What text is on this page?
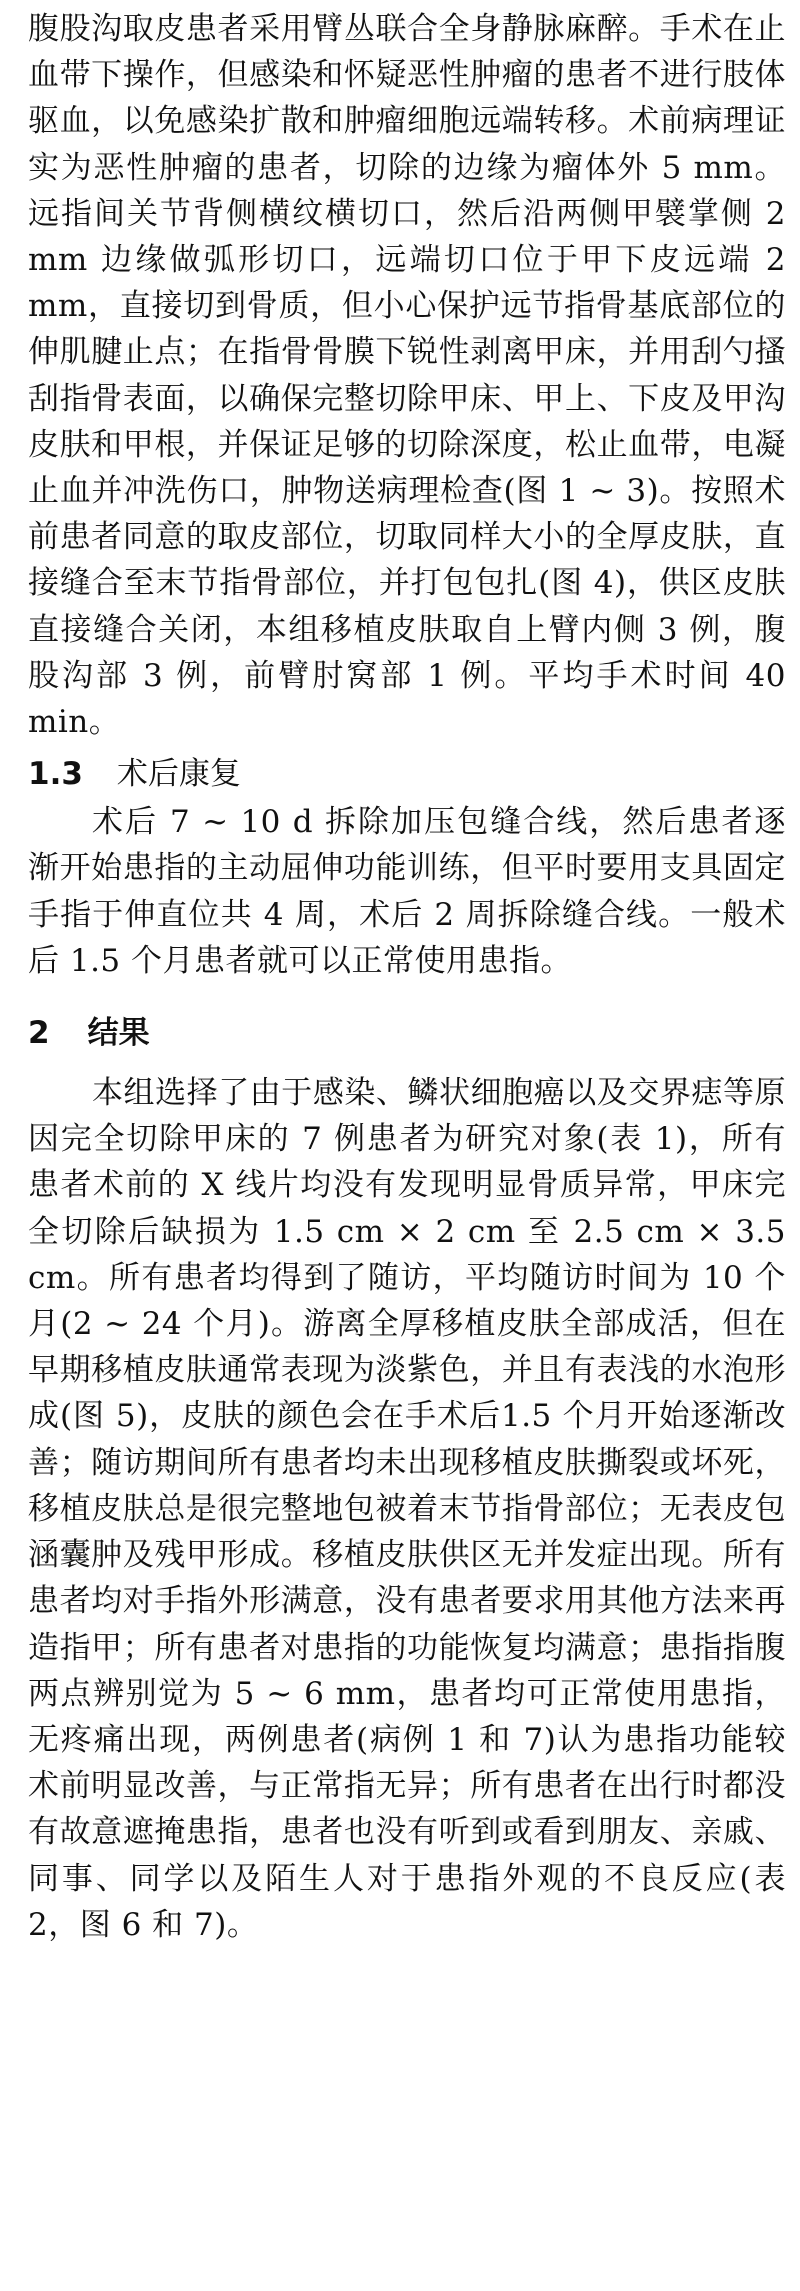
腹股沟取皮患者采用臂丛联合全身静脉麻醉。手术在止血带下操作，但感染和怀疑恶性肿瘤的患者不进行肢体驱血，以免感染扩散和肿瘤细胞远端转移。术前病理证实为恶性肿瘤的患者，切除的边缘为瘤体外 5 mm。远指间关节背侧横纹横切口，然后沿两侧甲襞掌侧 2 mm 边缘做弧形切口，远端切口位于甲下皮远端 2 mm，直接切到骨质，但小心保护远节指骨基底部位的伸肌腱止点；在指骨骨膜下锐性剥离甲床，并用刮勺搔刮指骨表面，以确保完整切除甲床、甲上、下皮及甲沟皮肤和甲根，并保证足够的切除深度，松止血带，电凝止血并冲洗伤口，肿物送病理检查(图 1 ~ 3)。按照术前患者同意的取皮部位，切取同样大小的全厚皮肤，直接缝合至末节指骨部位，并打包包扎(图 4)，供区皮肤直接缝合关闭，本组移植皮肤取自上臂内侧 3 例，腹股沟部 3 例，前臂肘窝部 1 例。平均手术时间 40 min。

1.3 术后康复

术后 7 ~ 10 d 拆除加压包缝合线，然后患者逐渐开始患指的主动屈伸功能训练，但平时要用支具固定手指于伸直位共 4 周，术后 2 周拆除缝合线。一般术后 1.5 个月患者就可以正常使用患指。

2 结果

本组选择了由于感染、鳞状细胞癌以及交界痣等原因完全切除甲床的 7 例患者为研究对象(表 1)，所有患者术前的 X 线片均没有发现明显骨质异常，甲床完全切除后缺损为 1.5 cm × 2 cm 至 2.5 cm × 3.5 cm。所有患者均得到了随访，平均随访时间为 10 个月(2 ~ 24 个月)。游离全厚移植皮肤全部成活，但在早期移植皮肤通常表现为淡紫色，并且有表浅的水泡形成(图 5)，皮肤的颜色会在手术后1.5 个月开始逐渐改善；随访期间所有患者均未出现移植皮肤撕裂或坏死，移植皮肤总是很完整地包被着末节指骨部位；无表皮包涵囊肿及残甲形成。移植皮肤供区无并发症出现。所有患者均对手指外形满意，没有患者要求用其他方法来再造指甲；所有患者对患指的功能恢复均满意；患指指腹两点辨别觉为 5 ~ 6 mm，患者均可正常使用患指，无疼痛出现，两例患者(病例 1 和 7)认为患指功能较术前明显改善，与正常指无异；所有患者在出行时都没有故意遮掩患指，患者也没有听到或看到朋友、亲戚、同事、同学以及陌生人对于患指外观的不良反应(表 2，图 6 和 7)。
